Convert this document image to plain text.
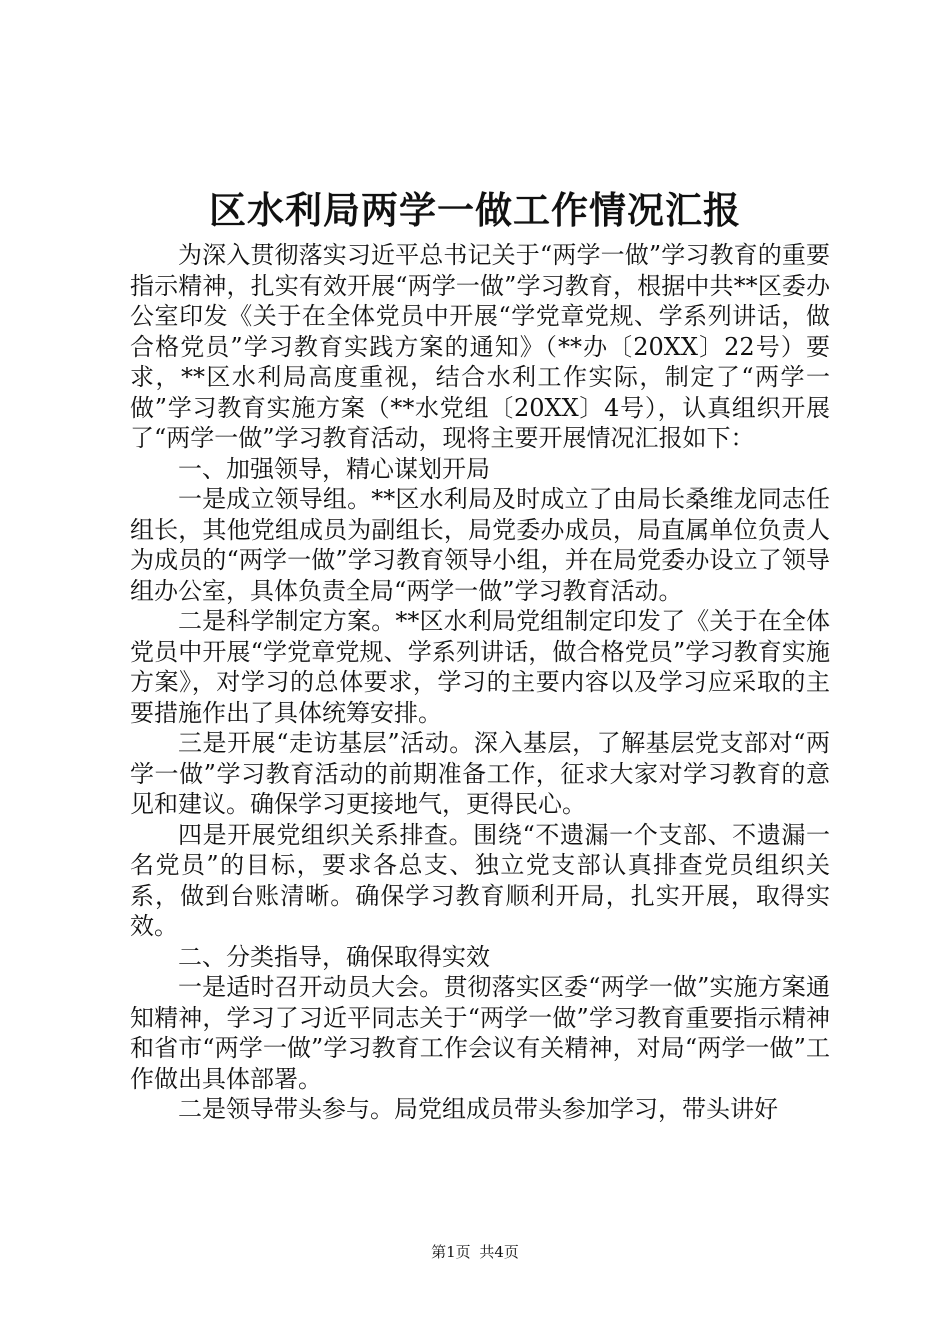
区水利局两学一做工作情况汇报

为深入贯彻落实习近平总书记关于“两学一做”学习教育的重要指示精神，扎实有效开展“两学一做”学习教育，根据中共**区委办公室印发《关于在全体党员中开展“学党章党规、学系列讲话，做合格党员”学习教育实践方案的通知》（**办〔20XX〕22号）要求，**区水利局高度重视，结合水利工作实际，制定了“两学一做”学习教育实施方案（**水党组〔20XX〕4号），认真组织开展了“两学一做”学习教育活动，现将主要开展情况汇报如下：

一、加强领导，精心谋划开局

一是成立领导组。**区水利局及时成立了由局长桑维龙同志任组长，其他党组成员为副组长，局党委办成员，局直属单位负责人为成员的“两学一做”学习教育领导小组，并在局党委办设立了领导组办公室，具体负责全局“两学一做”学习教育活动。

二是科学制定方案。**区水利局党组制定印发了《关于在全体党员中开展“学党章党规、学系列讲话，做合格党员”学习教育实施方案》，对学习的总体要求，学习的主要内容以及学习应采取的主要措施作出了具体统筹安排。

三是开展“走访基层”活动。深入基层，了解基层党支部对“两学一做”学习教育活动的前期准备工作，征求大家对学习教育的意见和建议。确保学习更接地气，更得民心。

四是开展党组织关系排查。围绕“不遗漏一个支部、不遗漏一名党员”的目标，要求各总支、独立党支部认真排查党员组织关系，做到台账清晰。确保学习教育顺利开局，扎实开展，取得实效。

二、分类指导，确保取得实效

一是适时召开动员大会。贯彻落实区委“两学一做”实施方案通知精神，学习了习近平同志关于“两学一做”学习教育重要指示精神和省市“两学一做”学习教育工作会议有关精神，对局“两学一做”工作做出具体部署。

二是领导带头参与。局党组成员带头参加学习，带头讲好

第1页 共4页
